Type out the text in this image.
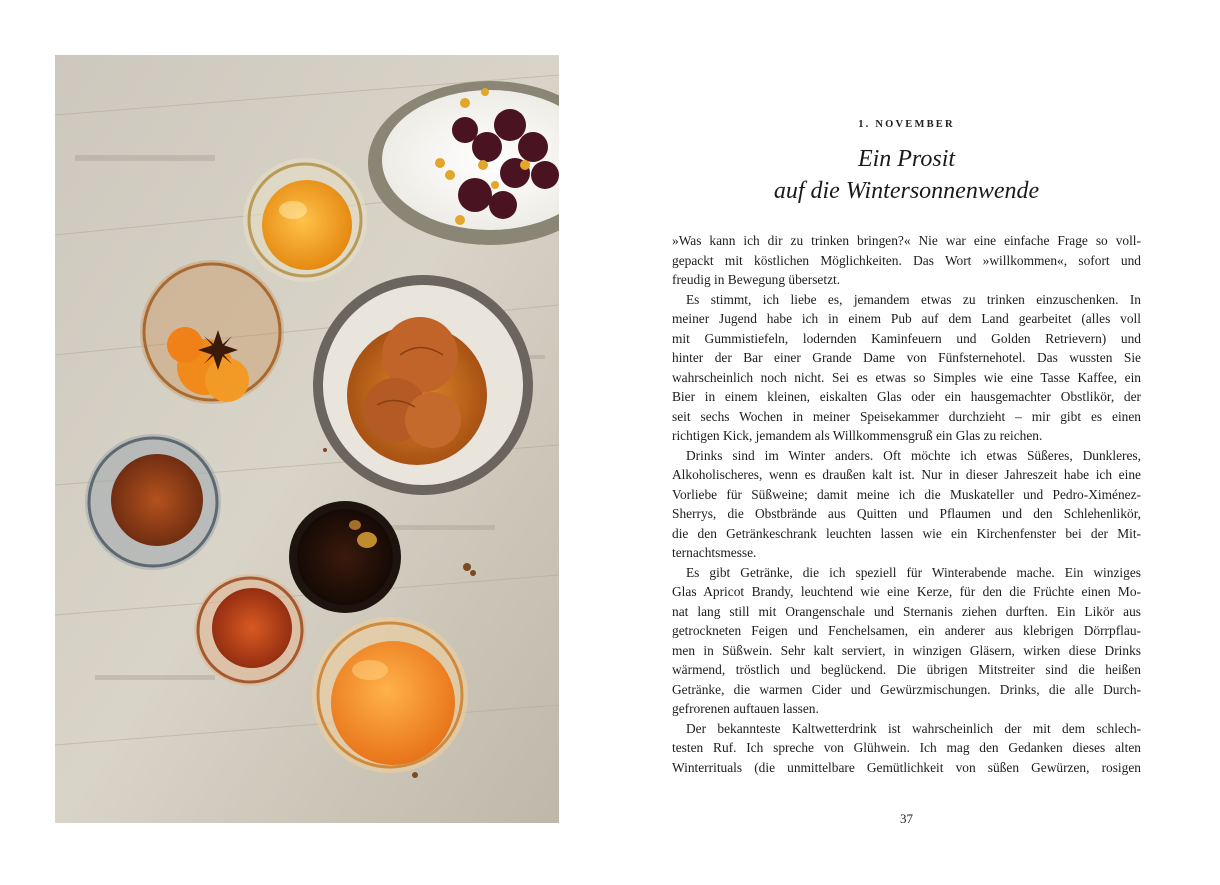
1. NOVEMBER
Ein Prosit
auf die Wintersonnenwende
»Was kann ich dir zu trinken bringen?« Nie war eine einfache Frage so voll-
gepackt mit köstlichen Möglichkeiten. Das Wort »willkommen«, sofort und
freudig in Bewegung übersetzt.
Es stimmt, ich liebe es, jemandem etwas zu trinken einzuschenken. In
meiner Jugend habe ich in einem Pub auf dem Land gearbeitet (alles voll
mit Gummistiefeln, lodernden Kaminfeuern und Golden Retrievern) und
hinter der Bar einer Grande Dame von Fünfsternehotel. Das wussten Sie
wahrscheinlich noch nicht. Sei es etwas so Simples wie eine Tasse Kaffee, ein
Bier in einem kleinen, eiskalten Glas oder ein hausgemachter Obstlikör, der
seit sechs Wochen in meiner Speisekammer durchzieht – mir gibt es einen
richtigen Kick, jemandem als Willkommensgruß ein Glas zu reichen.
Drinks sind im Winter anders. Oft möchte ich etwas Süßeres, Dunkleres,
Alkoholischeres, wenn es draußen kalt ist. Nur in dieser Jahreszeit habe ich eine
Vorliebe für Süßweine; damit meine ich die Muskateller und Pedro-Ximénez-
Sherrys, die Obstbrände aus Quitten und Pflaumen und den Schlehenlikör,
die den Getränkeschrank leuchten lassen wie ein Kirchenfenster bei der Mit-
ternachtsmesse.
Es gibt Getränke, die ich speziell für Winterabende mache. Ein winziges
Glas Apricot Brandy, leuchtend wie eine Kerze, für den die Früchte einen Mo-
nat lang still mit Orangenschale und Sternanis ziehen durften. Ein Likör aus
getrockneten Feigen und Fenchelsamen, ein anderer aus klebrigen Dörrpflau-
men in Süßwein. Sehr kalt serviert, in winzigen Gläsern, wirken diese Drinks
wärmend, tröstlich und beglückend. Die übrigen Mitstreiter sind die heißen
Getränke, die warmen Cider und Gewürzmischungen. Drinks, die alle Durch-
gefrorenen auftauen lassen.
Der bekannteste Kaltwetterdrink ist wahrscheinlich der mit dem schlech-
testen Ruf. Ich spreche von Glühwein. Ich mag den Gedanken dieses alten
Winterrituals (die unmittelbare Gemütlichkeit von süßen Gewürzen, rosigen
37
